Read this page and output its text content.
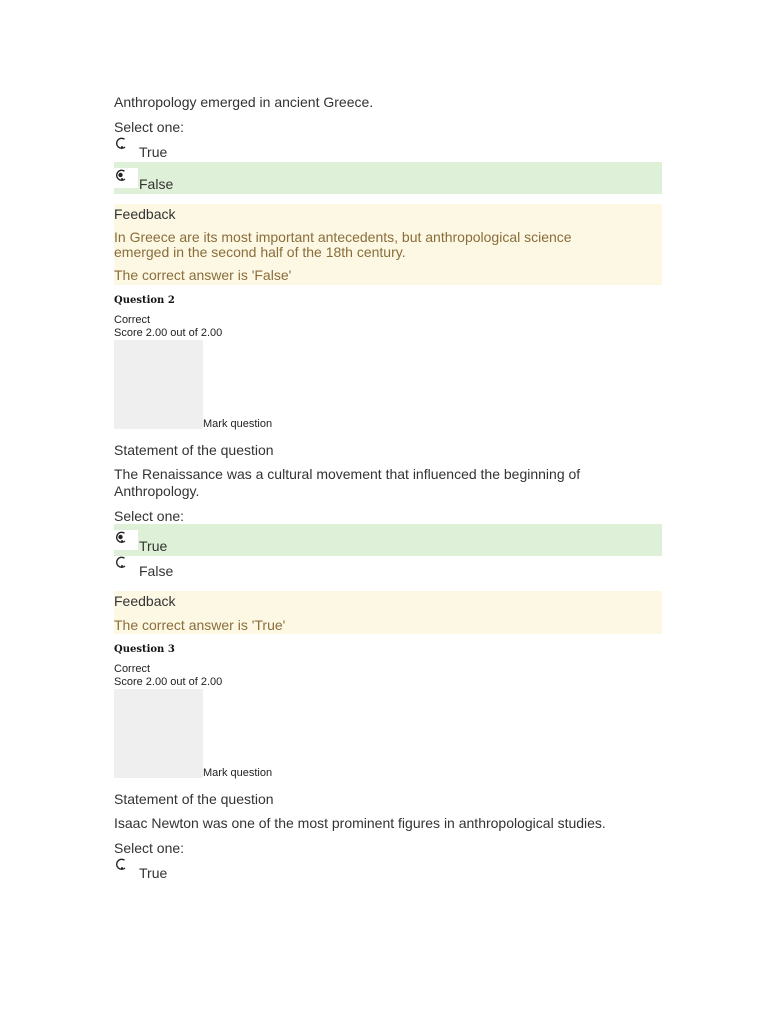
Anthropology emerged in ancient Greece.
Select one:
True
False
Feedback
In Greece are its most important antecedents, but anthropological science emerged in the second half of the 18th century.
The correct answer is 'False'
Question 2
Correct
Score 2.00 out of 2.00
Mark question
Statement of the question
The Renaissance was a cultural movement that influenced the beginning of Anthropology.
Select one:
True
False
Feedback
The correct answer is 'True'
Question 3
Correct
Score 2.00 out of 2.00
Mark question
Statement of the question
Isaac Newton was one of the most prominent figures in anthropological studies.
Select one:
True
